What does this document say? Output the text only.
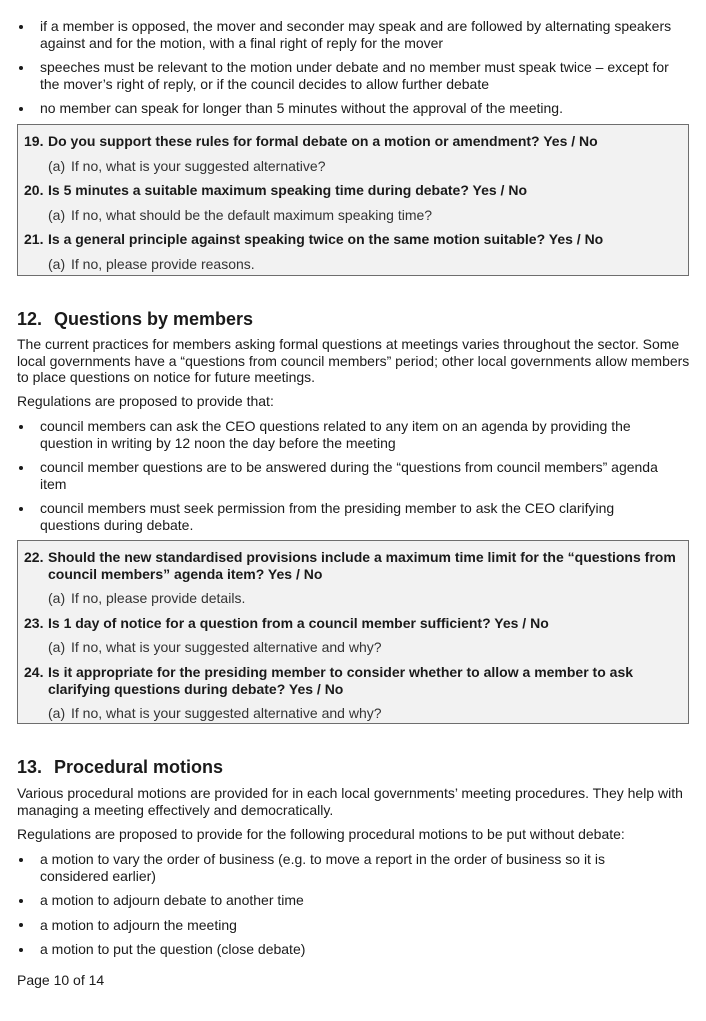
if a member is opposed, the mover and seconder may speak and are followed by alternating speakers against and for the motion, with a final right of reply for the mover
speeches must be relevant to the motion under debate and no member must speak twice – except for the mover’s right of reply, or if the council decides to allow further debate
no member can speak for longer than 5 minutes without the approval of the meeting.
19. Do you support these rules for formal debate on a motion or amendment? Yes / No
(a) If no, what is your suggested alternative?
20. Is 5 minutes a suitable maximum speaking time during debate? Yes / No
(a) If no, what should be the default maximum speaking time?
21. Is a general principle against speaking twice on the same motion suitable? Yes / No
(a) If no, please provide reasons.
12. Questions by members

The current practices for members asking formal questions at meetings varies throughout the sector. Some local governments have a “questions from council members” period; other local governments allow members to place questions on notice for future meetings.

Regulations are proposed to provide that:

council members can ask the CEO questions related to any item on an agenda by providing the question in writing by 12 noon the day before the meeting
council member questions are to be answered during the “questions from council members” agenda item
council members must seek permission from the presiding member to ask the CEO clarifying questions during debate.
22. Should the new standardised provisions include a maximum time limit for the “questions from council members” agenda item? Yes / No
(a) If no, please provide details.
23. Is 1 day of notice for a question from a council member sufficient? Yes / No
(a) If no, what is your suggested alternative and why?
24. Is it appropriate for the presiding member to consider whether to allow a member to ask clarifying questions during debate? Yes / No
(a) If no, what is your suggested alternative and why?
13. Procedural motions

Various procedural motions are provided for in each local governments’ meeting procedures. They help with managing a meeting effectively and democratically.

Regulations are proposed to provide for the following procedural motions to be put without debate:

a motion to vary the order of business (e.g. to move a report in the order of business so it is considered earlier)
a motion to adjourn debate to another time
a motion to adjourn the meeting
a motion to put the question (close debate)
Page 10 of 14
